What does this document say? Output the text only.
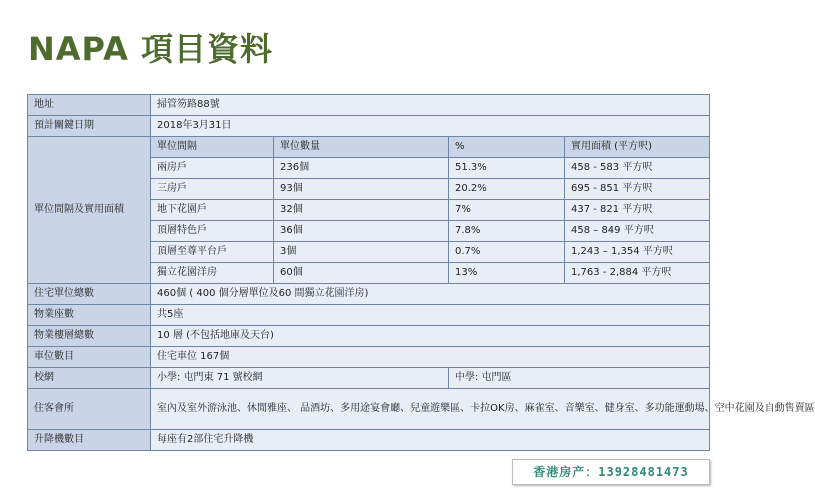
NAPA 項目資料
地址	掃管笏路88號			
預計關鍵日期	2018年3月31日			
單位間隔及實用面積	單位間隔	單位數量	%	實用面積 (平方呎)
	兩房戶	236個	51.3%	458 - 583 平方呎
	三房戶	93個	20.2%	695 - 851 平方呎
	地下花園戶	32個	7%	437 - 821 平方呎
	頂層特色戶	36個	7.8%	458 – 849 平方呎
	頂層至尊平台戶	3個	0.7%	1,243 – 1,354 平方呎
	獨立花園洋房	60個	13%	1,763 - 2,884 平方呎
住宅單位總數	460個 ( 400 個分層單位及60 間獨立花園洋房)			
物業座數	共5座			
物業樓層總數	10 層 (不包括地庫及天台)			
車位數目	住宅車位 167個			
校網	小學: 屯門東 71 號校網		中學: 屯門區	
住客會所	室內及室外游泳池、休閒雅座、 品酒坊、多用途宴會廳、兒童遊樂區、卡拉OK房、麻雀室、音樂室、健身室、多功能運動場、空中花園及自動售賣區			
升降機數目	每座有2部住宅升降機			
香港房产：13928481473
